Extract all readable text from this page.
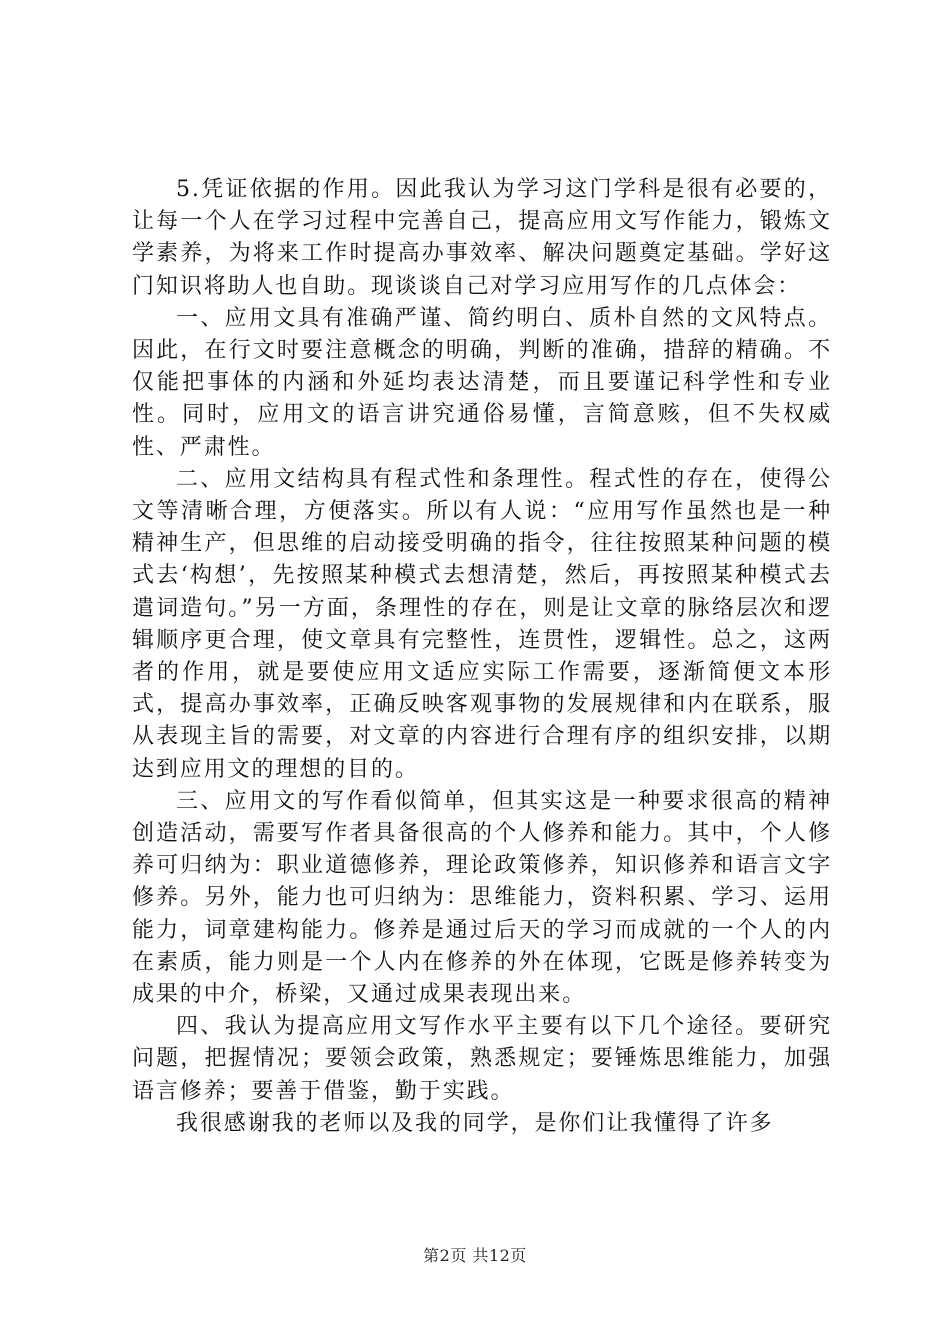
5.凭证依据的作用。因此我认为学习这门学科是很有必要的，让每一个人在学习过程中完善自己，提高应用文写作能力，锻炼文学素养，为将来工作时提高办事效率、解决问题奠定基础。学好这门知识将助人也自助。现谈谈自己对学习应用写作的几点体会：

一、应用文具有准确严谨、简约明白、质朴自然的文风特点。因此，在行文时要注意概念的明确，判断的准确，措辞的精确。不仅能把事体的内涵和外延均表达清楚，而且要谨记科学性和专业性。同时，应用文的语言讲究通俗易懂，言简意赅，但不失权威性、严肃性。

二、应用文结构具有程式性和条理性。程式性的存在，使得公文等清晰合理，方便落实。所以有人说：“应用写作虽然也是一种精神生产，但思维的启动接受明确的指令，往往按照某种问题的模式去‘构想’，先按照某种模式去想清楚，然后，再按照某种模式去遣词造句。”另一方面，条理性的存在，则是让文章的脉络层次和逻辑顺序更合理，使文章具有完整性，连贯性，逻辑性。总之，这两者的作用，就是要使应用文适应实际工作需要，逐渐简便文本形式，提高办事效率，正确反映客观事物的发展规律和内在联系，服从表现主旨的需要，对文章的内容进行合理有序的组织安排，以期达到应用文的理想的目的。

三、应用文的写作看似简单，但其实这是一种要求很高的精神创造活动，需要写作者具备很高的个人修养和能力。其中，个人修养可归纳为：职业道德修养，理论政策修养，知识修养和语言文字修养。另外，能力也可归纳为：思维能力，资料积累、学习、运用能力，词章建构能力。修养是通过后天的学习而成就的一个人的内在素质，能力则是一个人内在修养的外在体现，它既是修养转变为成果的中介，桥梁，又通过成果表现出来。

四、我认为提高应用文写作水平主要有以下几个途径。要研究问题，把握情况；要领会政策，熟悉规定；要锤炼思维能力，加强语言修养；要善于借鉴，勤于实践。

我很感谢我的老师以及我的同学，是你们让我懂得了许多

第2页 共12页
